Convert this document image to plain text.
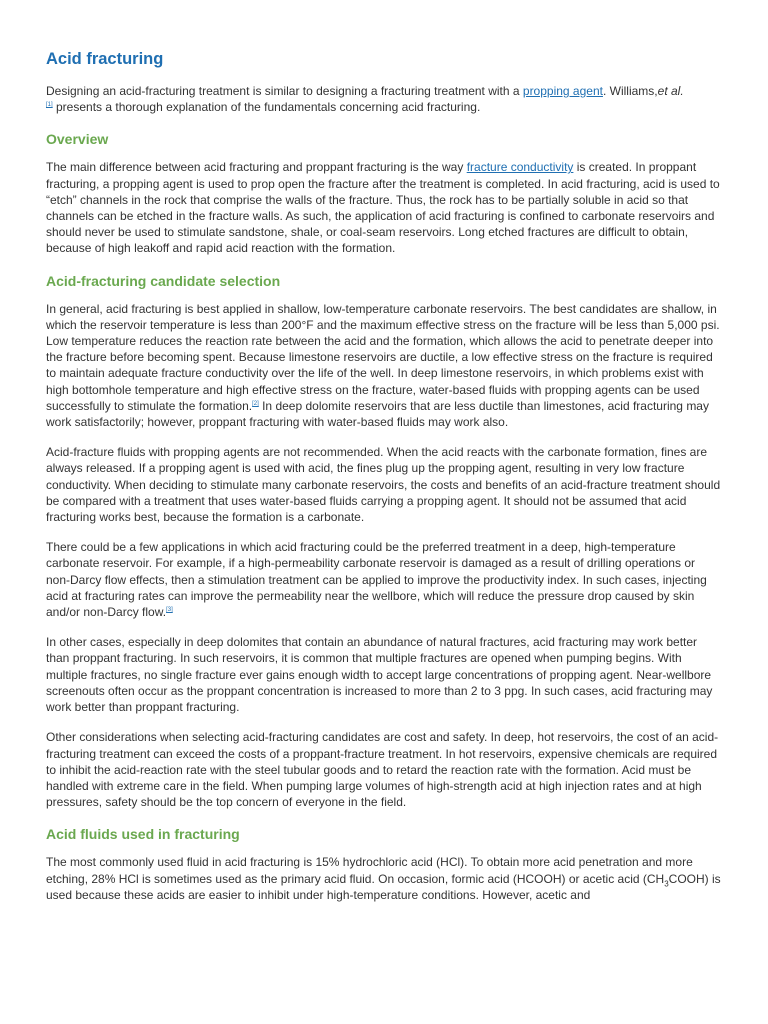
Acid fracturing

Designing an acid-fracturing treatment is similar to designing a fracturing treatment with a propping agent. Williams,et al.
[1] presents a thorough explanation of the fundamentals concerning acid fracturing.

Overview

The main difference between acid fracturing and proppant fracturing is the way fracture conductivity is created. In proppant fracturing, a propping agent is used to prop open the fracture after the treatment is completed. In acid fracturing, acid is used to “etch” channels in the rock that comprise the walls of the fracture. Thus, the rock has to be partially soluble in acid so that channels can be etched in the fracture walls. As such, the application of acid fracturing is confined to carbonate reservoirs and should never be used to stimulate sandstone, shale, or coal-seam reservoirs. Long etched fractures are difficult to obtain, because of high leakoff and rapid acid reaction with the formation.

Acid-fracturing candidate selection

In general, acid fracturing is best applied in shallow, low-temperature carbonate reservoirs. The best candidates are shallow, in which the reservoir temperature is less than 200°F and the maximum effective stress on the fracture will be less than 5,000 psi. Low temperature reduces the reaction rate between the acid and the formation, which allows the acid to penetrate deeper into the fracture before becoming spent. Because limestone reservoirs are ductile, a low effective stress on the fracture is required to maintain adequate fracture conductivity over the life of the well. In deep limestone reservoirs, in which problems exist with high bottomhole temperature and high effective stress on the fracture, water-based fluids with propping agents can be used successfully to stimulate the formation.[2] In deep dolomite reservoirs that are less ductile than limestones, acid fracturing may work satisfactorily; however, proppant fracturing with water-based fluids may work also.

Acid-fracture fluids with propping agents are not recommended. When the acid reacts with the carbonate formation, fines are always released. If a propping agent is used with acid, the fines plug up the propping agent, resulting in very low fracture conductivity. When deciding to stimulate many carbonate reservoirs, the costs and benefits of an acid-fracture treatment should be compared with a treatment that uses water-based fluids carrying a propping agent. It should not be assumed that acid fracturing works best, because the formation is a carbonate.

There could be a few applications in which acid fracturing could be the preferred treatment in a deep, high-temperature carbonate reservoir. For example, if a high-permeability carbonate reservoir is damaged as a result of drilling operations or non-Darcy flow effects, then a stimulation treatment can be applied to improve the productivity index. In such cases, injecting acid at fracturing rates can improve the permeability near the wellbore, which will reduce the pressure drop caused by skin and/or non-Darcy flow.[3]

In other cases, especially in deep dolomites that contain an abundance of natural fractures, acid fracturing may work better than proppant fracturing. In such reservoirs, it is common that multiple fractures are opened when pumping begins. With multiple fractures, no single fracture ever gains enough width to accept large concentrations of propping agent. Near-wellbore screenouts often occur as the proppant concentration is increased to more than 2 to 3 ppg. In such cases, acid fracturing may work better than proppant fracturing.

Other considerations when selecting acid-fracturing candidates are cost and safety. In deep, hot reservoirs, the cost of an acid-fracturing treatment can exceed the costs of a proppant-fracture treatment. In hot reservoirs, expensive chemicals are required to inhibit the acid-reaction rate with the steel tubular goods and to retard the reaction rate with the formation. Acid must be handled with extreme care in the field. When pumping large volumes of high-strength acid at high injection rates and at high pressures, safety should be the top concern of everyone in the field.

Acid fluids used in fracturing

The most commonly used fluid in acid fracturing is 15% hydrochloric acid (HCl). To obtain more acid penetration and more etching, 28% HCl is sometimes used as the primary acid fluid. On occasion, formic acid (HCOOH) or acetic acid $(CH_3COOH)$ is used because these acids are easier to inhibit under high-temperature conditions. However, acetic and
